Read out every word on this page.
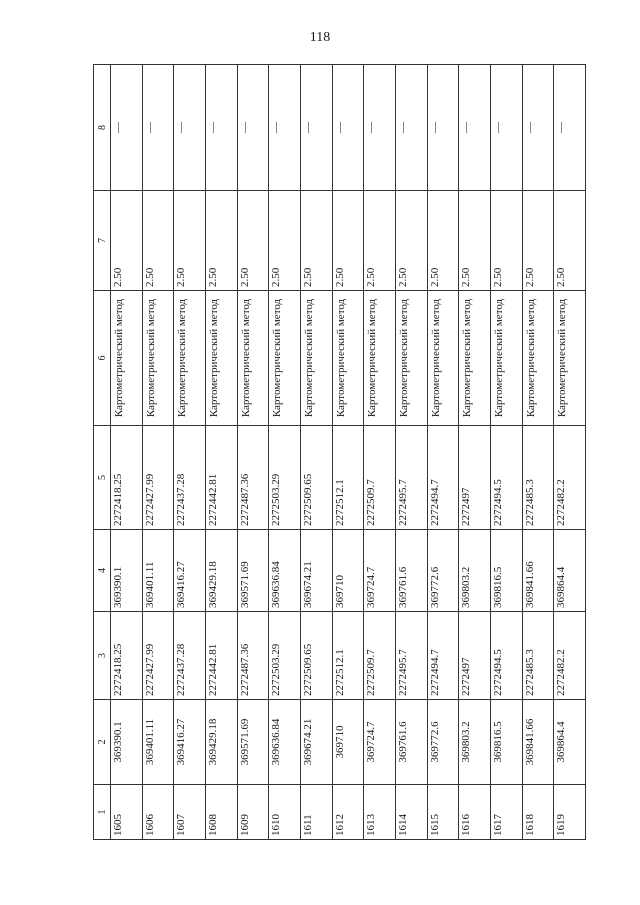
118
1	2	3	4	5	6	7	8
1605	369390.1	2272418.25	369390.1	2272418.25	Картометрический метод	2.50	—
1606	369401.11	2272427.99	369401.11	2272427.99	Картометрический метод	2.50	—
1607	369416.27	2272437.28	369416.27	2272437.28	Картометрический метод	2.50	—
1608	369429.18	2272442.81	369429.18	2272442.81	Картометрический метод	2.50	—
1609	369571.69	2272487.36	369571.69	2272487.36	Картометрический метод	2.50	—
1610	369636.84	2272503.29	369636.84	2272503.29	Картометрический метод	2.50	—
1611	369674.21	2272509.65	369674.21	2272509.65	Картометрический метод	2.50	—
1612	369710	2272512.1	369710	2272512.1	Картометрический метод	2.50	—
1613	369724.7	2272509.7	369724.7	2272509.7	Картометрический метод	2.50	—
1614	369761.6	2272495.7	369761.6	2272495.7	Картометрический метод	2.50	—
1615	369772.6	2272494.7	369772.6	2272494.7	Картометрический метод	2.50	—
1616	369803.2	2272497	369803.2	2272497	Картометрический метод	2.50	—
1617	369816.5	2272494.5	369816.5	2272494.5	Картометрический метод	2.50	—
1618	369841.66	2272485.3	369841.66	2272485.3	Картометрический метод	2.50	—
1619	369864.4	2272482.2	369864.4	2272482.2	Картометрический метод	2.50	—
